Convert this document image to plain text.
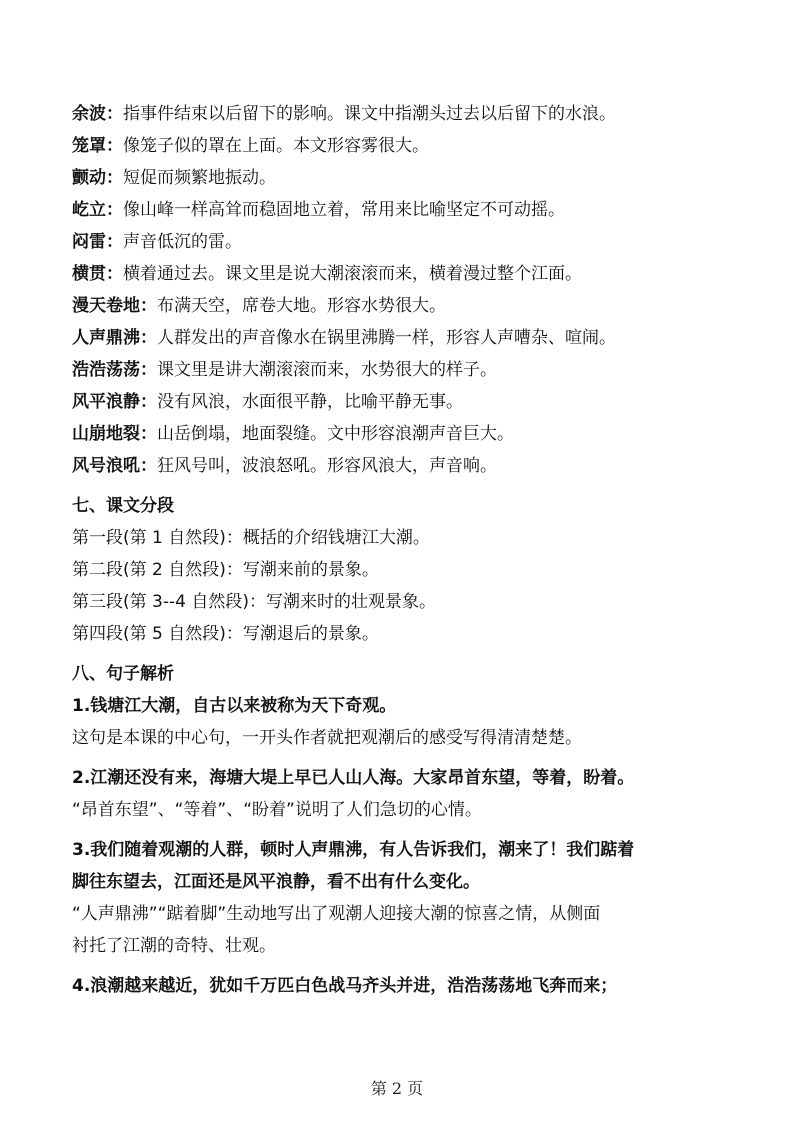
余波：指事件结束以后留下的影响。课文中指潮头过去以后留下的水浪。
笼罩：像笼子似的罩在上面。本文形容雾很大。
颤动：短促而频繁地振动。
屹立：像山峰一样高耸而稳固地立着，常用来比喻坚定不可动摇。
闷雷：声音低沉的雷。
横贯：横着通过去。课文里是说大潮滚滚而来，横着漫过整个江面。
漫天卷地：布满天空，席卷大地。形容水势很大。
人声鼎沸：人群发出的声音像水在锅里沸腾一样，形容人声嘈杂、喧闹。
浩浩荡荡：课文里是讲大潮滚滚而来，水势很大的样子。
风平浪静：没有风浪，水面很平静，比喻平静无事。
山崩地裂：山岳倒塌，地面裂缝。文中形容浪潮声音巨大。
风号浪吼：狂风号叫，波浪怒吼。形容风浪大，声音响。
七、课文分段
第一段(第 1 自然段)：概括的介绍钱塘江大潮。
第二段(第 2 自然段)：写潮来前的景象。
第三段(第 3--4 自然段)：写潮来时的壮观景象。
第四段(第 5 自然段)：写潮退后的景象。
八、句子解析
1.钱塘江大潮，自古以来被称为天下奇观。
这句是本课的中心句，一开头作者就把观潮后的感受写得清清楚楚。
2.江潮还没有来，海塘大堤上早已人山人海。大家昂首东望，等着，盼着。
“昂首东望”、“等着”、“盼着”说明了人们急切的心情。
3.我们随着观潮的人群，顿时人声鼎沸，有人告诉我们，潮来了！我们踮着
脚往东望去，江面还是风平浪静，看不出有什么变化。
“人声鼎沸”“踮着脚”生动地写出了观潮人迎接大潮的惊喜之情，从侧面
衬托了江潮的奇特、壮观。
4.浪潮越来越近，犹如千万匹白色战马齐头并进，浩浩荡荡地飞奔而来；
第 2 页
